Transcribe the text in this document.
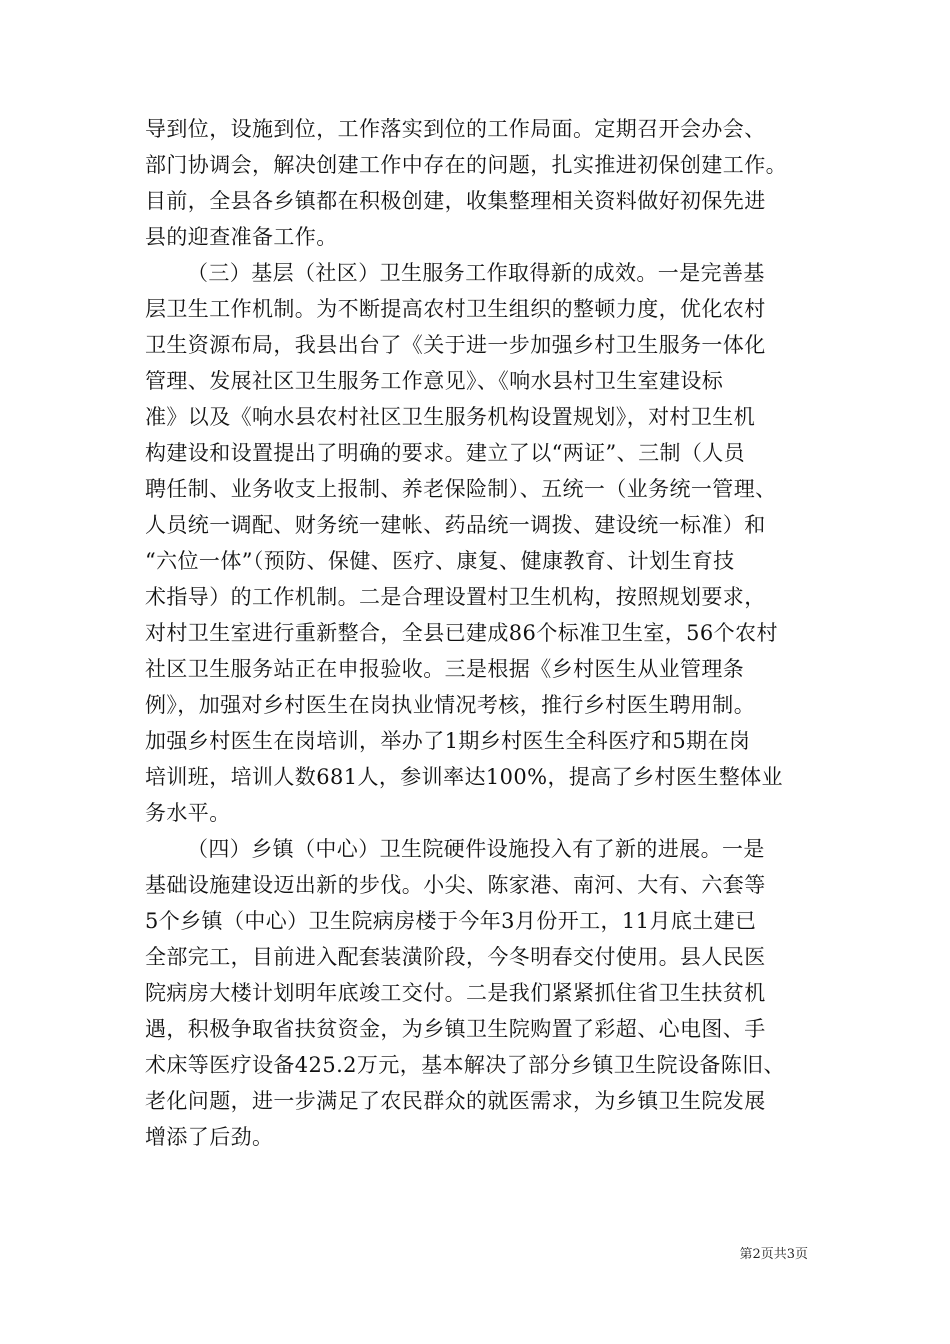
导到位，设施到位，工作落实到位的工作局面。定期召开会办会、
部门协调会，解决创建工作中存在的问题，扎实推进初保创建工作。
目前，全县各乡镇都在积极创建，收集整理相关资料做好初保先进
县的迎查准备工作。
（三）基层（社区）卫生服务工作取得新的成效。一是完善基
层卫生工作机制。为不断提高农村卫生组织的整顿力度，优化农村
卫生资源布局，我县出台了《关于进一步加强乡村卫生服务一体化
管理、发展社区卫生服务工作意见》、《响水县村卫生室建设标
准》以及《响水县农村社区卫生服务机构设置规划》，对村卫生机
构建设和设置提出了明确的要求。建立了以“两证”、三制（人员
聘任制、业务收支上报制、养老保险制）、五统一（业务统一管理、
人员统一调配、财务统一建帐、药品统一调拨、建设统一标准）和
“六位一体”（预防、保健、医疗、康复、健康教育、计划生育技
术指导）的工作机制。二是合理设置村卫生机构，按照规划要求，
对村卫生室进行重新整合，全县已建成86个标准卫生室，56个农村
社区卫生服务站正在申报验收。三是根据《乡村医生从业管理条
例》，加强对乡村医生在岗执业情况考核，推行乡村医生聘用制。
加强乡村医生在岗培训，举办了1期乡村医生全科医疗和5期在岗
培训班，培训人数681人，参训率达100%，提高了乡村医生整体业
务水平。
（四）乡镇（中心）卫生院硬件设施投入有了新的进展。一是
基础设施建设迈出新的步伐。小尖、陈家港、南河、大有、六套等
5个乡镇（中心）卫生院病房楼于今年3月份开工，11月底土建已
全部完工，目前进入配套装潢阶段，今冬明春交付使用。县人民医
院病房大楼计划明年底竣工交付。二是我们紧紧抓住省卫生扶贫机
遇，积极争取省扶贫资金，为乡镇卫生院购置了彩超、心电图、手
术床等医疗设备425.2万元，基本解决了部分乡镇卫生院设备陈旧、
老化问题，进一步满足了农民群众的就医需求，为乡镇卫生院发展
增添了后劲。
第2页共3页
